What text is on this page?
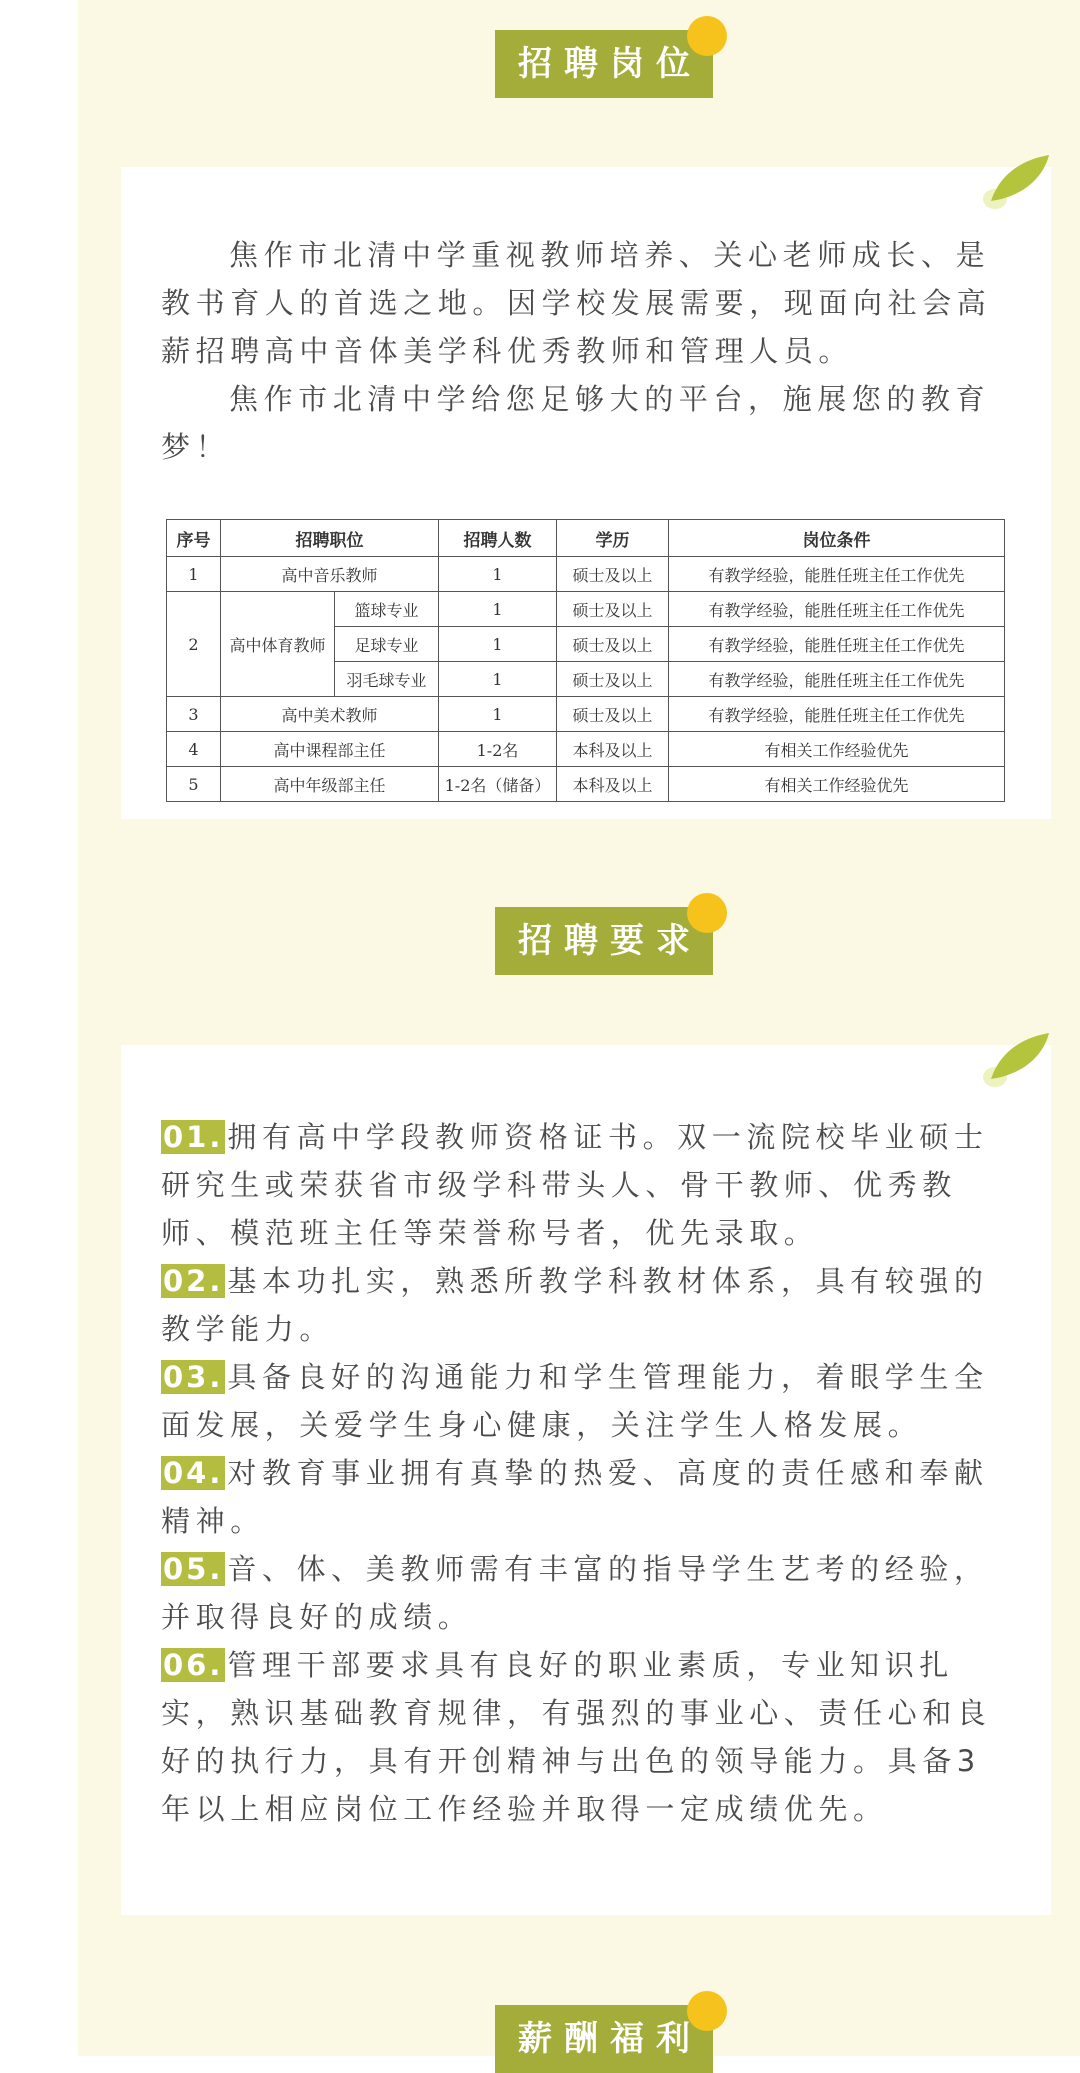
招聘岗位

焦作市北清中学重视教师培养、关心老师成长、是教书育人的首选之地。因学校发展需要，现面向社会高薪招聘高中音体美学科优秀教师和管理人员。

焦作市北清中学给您足够大的平台，施展您的教育梦！

序号	招聘职位		招聘人数	学历	岗位条件
1	高中音乐教师		1	硕士及以上	有教学经验，能胜任班主任工作优先
2	高中体育教师	篮球专业	1	硕士及以上	有教学经验，能胜任班主任工作优先
		足球专业	1	硕士及以上	有教学经验，能胜任班主任工作优先
		羽毛球专业	1	硕士及以上	有教学经验，能胜任班主任工作优先
3	高中美术教师		1	硕士及以上	有教学经验，能胜任班主任工作优先
4	高中课程部主任		1-2名	本科及以上	有相关工作经验优先
5	高中年级部主任		1-2名（储备）	本科及以上	有相关工作经验优先
招聘要求

01. 拥有高中学段教师资格证书。双一流院校毕业硕士研究生或荣获省市级学科带头人、骨干教师、优秀教师、模范班主任等荣誉称号者，优先录取。

02. 基本功扎实，熟悉所教学科教材体系，具有较强的教学能力。

03. 具备良好的沟通能力和学生管理能力，着眼学生全面发展，关爱学生身心健康，关注学生人格发展。

04. 对教育事业拥有真挚的热爱、高度的责任感和奉献精神。

05. 音、体、美教师需有丰富的指导学生艺考的经验，并取得良好的成绩。

06. 管理干部要求具有良好的职业素质，专业知识扎实，熟识基础教育规律，有强烈的事业心、责任心和良好的执行力，具有开创精神与出色的领导能力。具备3年以上相应岗位工作经验并取得一定成绩优先。

薪酬福利
